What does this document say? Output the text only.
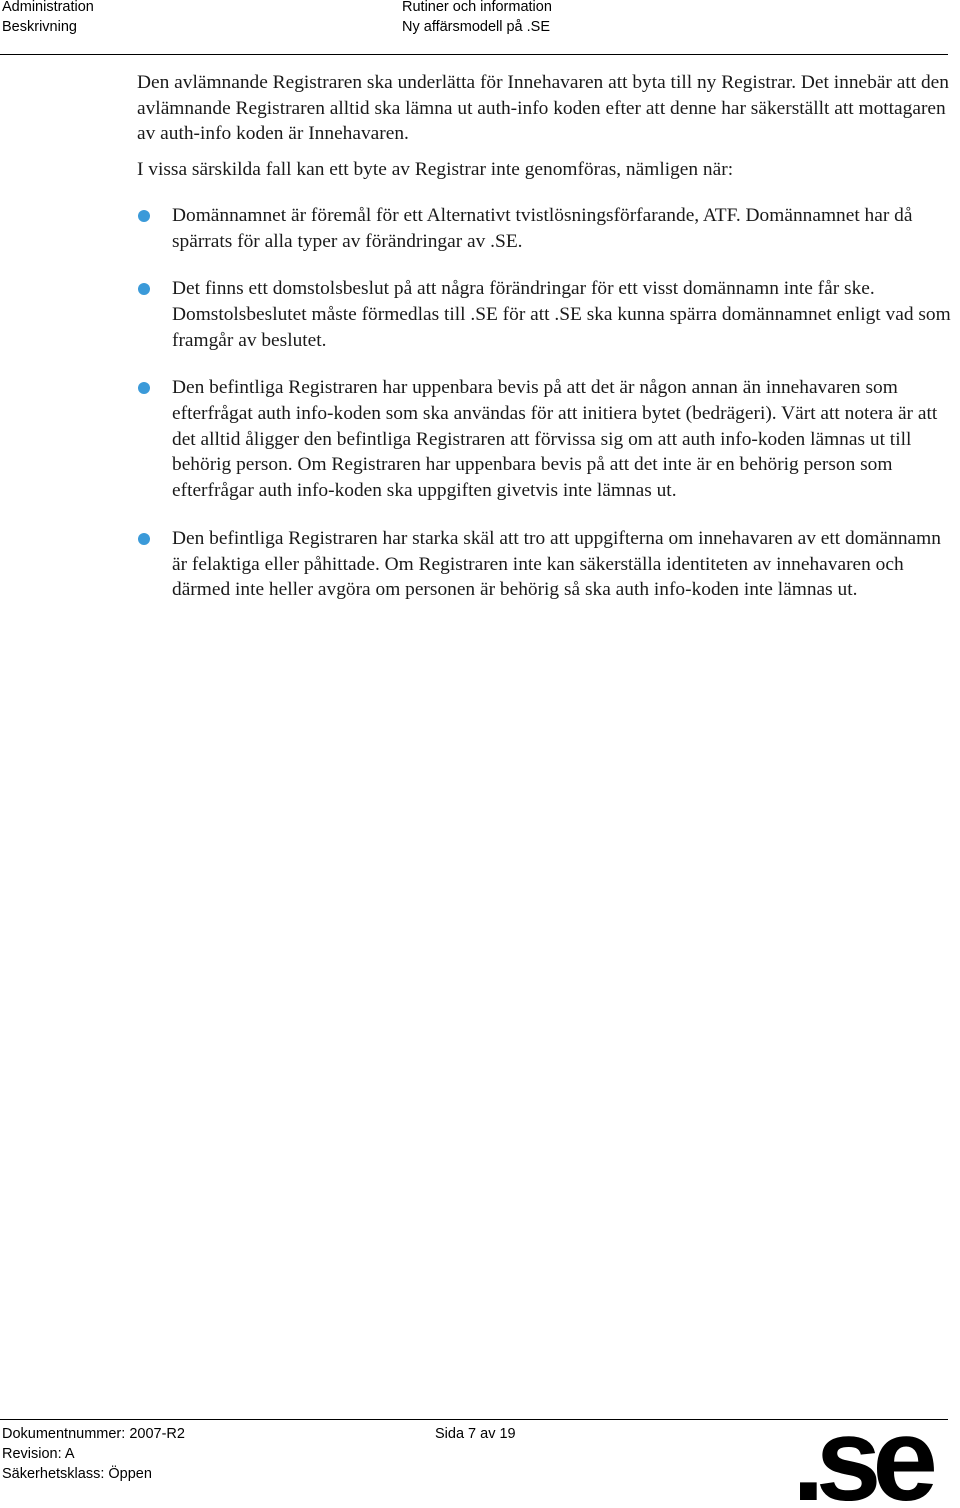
Administration
Beskrivning
Rutiner och information
Ny affärsmodell på .SE

Den avlämnande Registraren ska underlätta för Innehavaren att byta till ny Registrar. Det innebär att den avlämnande Registraren alltid ska lämna ut auth-info koden efter att denne har säkerställt att mottagaren av auth-info koden är Innehavaren.

I vissa särskilda fall kan ett byte av Registrar inte genomföras, nämligen när:

Domännamnet är föremål för ett Alternativt tvistlösningsförfarande, ATF. Domännamnet har då spärrats för alla typer av förändringar av .SE.
Det finns ett domstolsbeslut på att några förändringar för ett visst domännamn inte får ske. Domstolsbeslutet måste förmedlas till .SE för att .SE ska kunna spärra domännamnet enligt vad som framgår av beslutet.
Den befintliga Registraren har uppenbara bevis på att det är någon annan än innehavaren som efterfrågat auth info-koden som ska användas för att initiera bytet (bedrägeri). Värt att notera är att det alltid åligger den befintliga Registraren att förvissa sig om att auth info-koden lämnas ut till behörig person. Om Registraren har uppenbara bevis på att det inte är en behörig person som efterfrågar auth info-koden ska uppgiften givetvis inte lämnas ut.
Den befintliga Registraren har starka skäl att tro att uppgifterna om innehavaren av ett domännamn är felaktiga eller påhittade. Om Registraren inte kan säkerställa identiteten av innehavaren och därmed inte heller avgöra om personen är behörig så ska auth info-koden inte lämnas ut.
Dokumentnummer: 2007-R2
Revision: A
Säkerhetsklass: Öppen
Sida 7 av 19 .se
